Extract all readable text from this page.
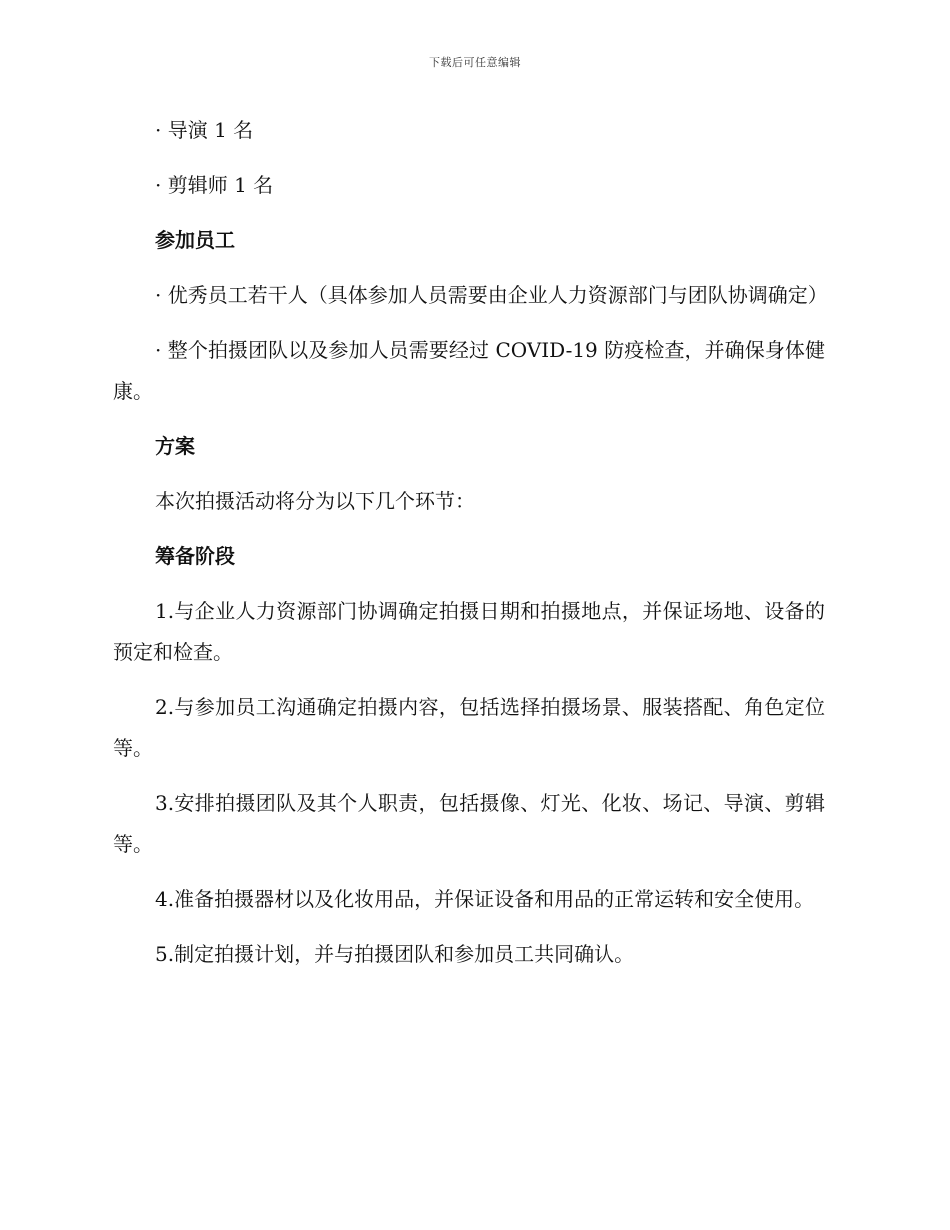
下载后可任意编辑

· 导演 1 名

· 剪辑师 1 名

参加员工

· 优秀员工若干人（具体参加人员需要由企业人力资源部门与团队协调确定）

· 整个拍摄团队以及参加人员需要经过 COVID-19 防疫检查，并确保身体健康。

方案

本次拍摄活动将分为以下几个环节：

筹备阶段

1.与企业人力资源部门协调确定拍摄日期和拍摄地点，并保证场地、设备的预定和检查。

2.与参加员工沟通确定拍摄内容，包括选择拍摄场景、服装搭配、角色定位等。

3.安排拍摄团队及其个人职责，包括摄像、灯光、化妆、场记、导演、剪辑等。

4.准备拍摄器材以及化妆用品，并保证设备和用品的正常运转和安全使用。

5.制定拍摄计划，并与拍摄团队和参加员工共同确认。
